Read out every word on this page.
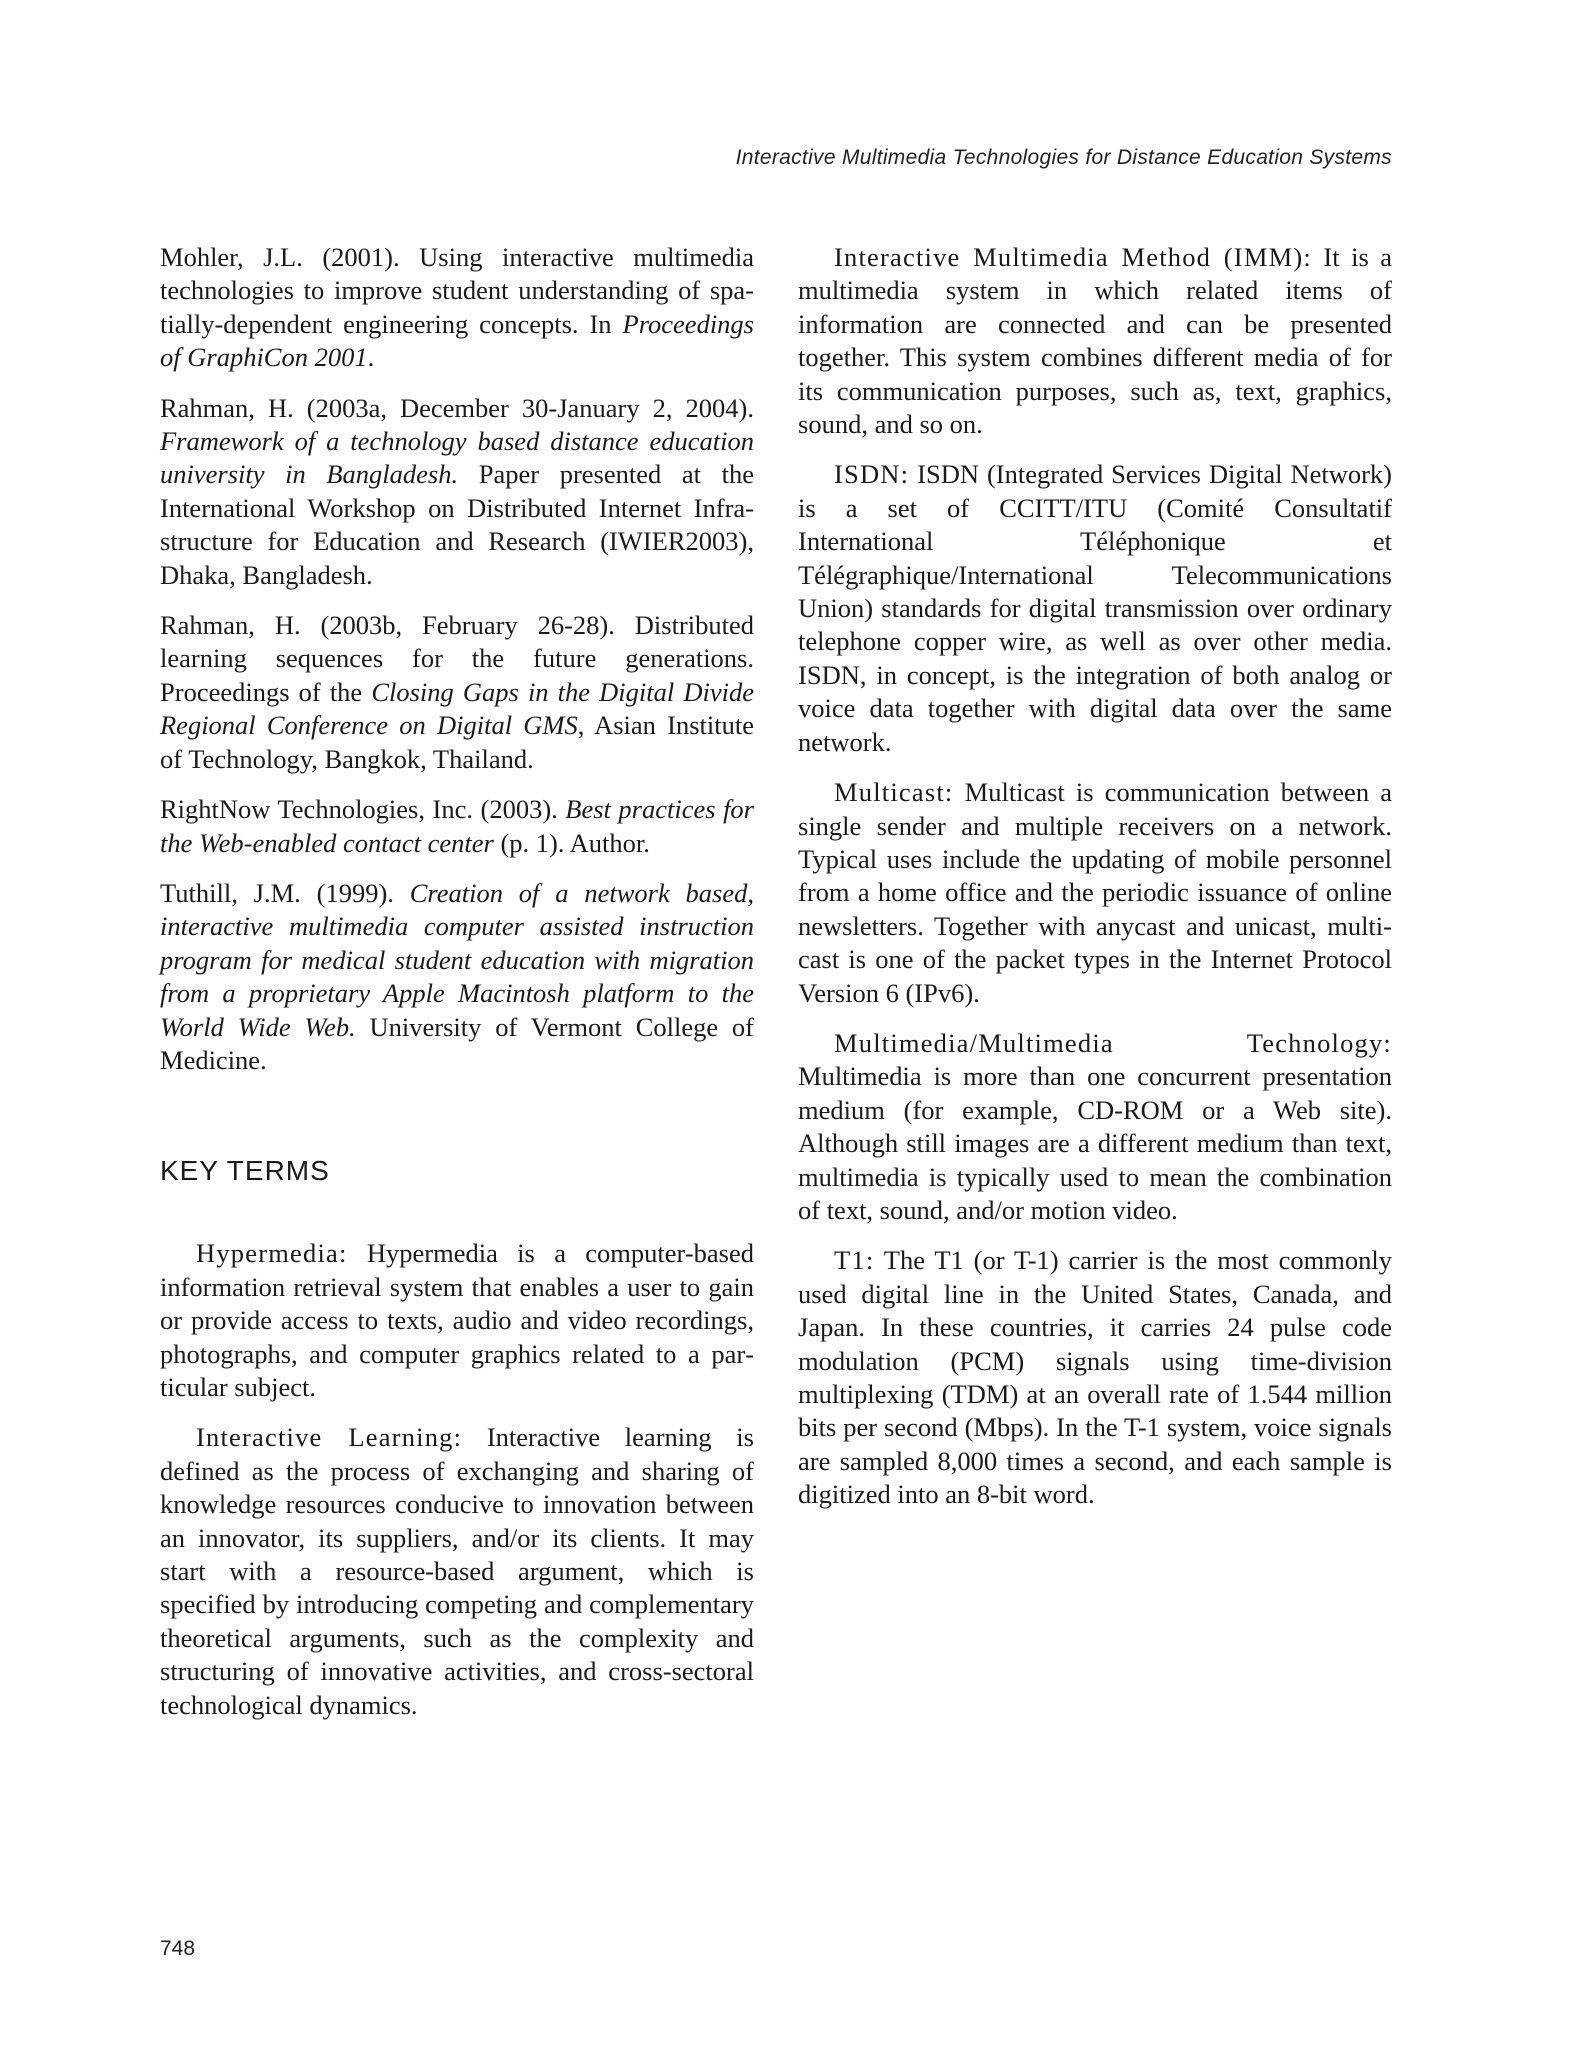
Interactive Multimedia Technologies for Distance Education Systems

Mohler, J.L. (2001). Using interactive multimedia technologies to improve student understanding of spatially-dependent engineering concepts. In Proceedings of GraphiCon 2001.

Rahman, H. (2003a, December 30-January 2, 2004). Framework of a technology based distance education university in Bangladesh. Paper presented at the International Workshop on Distributed Internet Infrastructure for Education and Research (IWIER2003), Dhaka, Bangladesh.

Rahman, H. (2003b, February 26-28). Distributed learning sequences for the future generations. Proceedings of the Closing Gaps in the Digital Divide Regional Conference on Digital GMS, Asian Institute of Technology, Bangkok, Thailand.

RightNow Technologies, Inc. (2003). Best practices for the Web-enabled contact center (p. 1). Author.

Tuthill, J.M. (1999). Creation of a network based, interactive multimedia computer assisted instruction program for medical student education with migration from a proprietary Apple Macintosh platform to the World Wide Web. University of Vermont College of Medicine.

KEY TERMS

Hypermedia: Hypermedia is a computer-based information retrieval system that enables a user to gain or provide access to texts, audio and video recordings, photographs, and computer graphics related to a particular subject.

Interactive Learning: Interactive learning is defined as the process of exchanging and sharing of knowledge resources conducive to innovation between an innovator, its suppliers, and/or its clients. It may start with a resource-based argument, which is specified by introducing competing and complementary theoretical arguments, such as the complexity and structuring of innovative activities, and cross-sectoral technological dynamics.

Interactive Multimedia Method (IMM): It is a multimedia system in which related items of information are connected and can be presented together. This system combines different media of for its communication purposes, such as, text, graphics, sound, and so on.

ISDN: ISDN (Integrated Services Digital Network) is a set of CCITT/ITU (Comité Consultatif International Téléphonique et Télégraphique/International Telecommunications Union) standards for digital transmission over ordinary telephone copper wire, as well as over other media. ISDN, in concept, is the integration of both analog or voice data together with digital data over the same network.

Multicast: Multicast is communication between a single sender and multiple receivers on a network. Typical uses include the updating of mobile personnel from a home office and the periodic issuance of online newsletters. Together with anycast and unicast, multicast is one of the packet types in the Internet Protocol Version 6 (IPv6).

Multimedia/Multimedia Technology: Multimedia is more than one concurrent presentation medium (for example, CD-ROM or a Web site). Although still images are a different medium than text, multimedia is typically used to mean the combination of text, sound, and/or motion video.

T1: The T1 (or T-1) carrier is the most commonly used digital line in the United States, Canada, and Japan. In these countries, it carries 24 pulse code modulation (PCM) signals using time-division multiplexing (TDM) at an overall rate of 1.544 million bits per second (Mbps). In the T-1 system, voice signals are sampled 8,000 times a second, and each sample is digitized into an 8-bit word.

748
